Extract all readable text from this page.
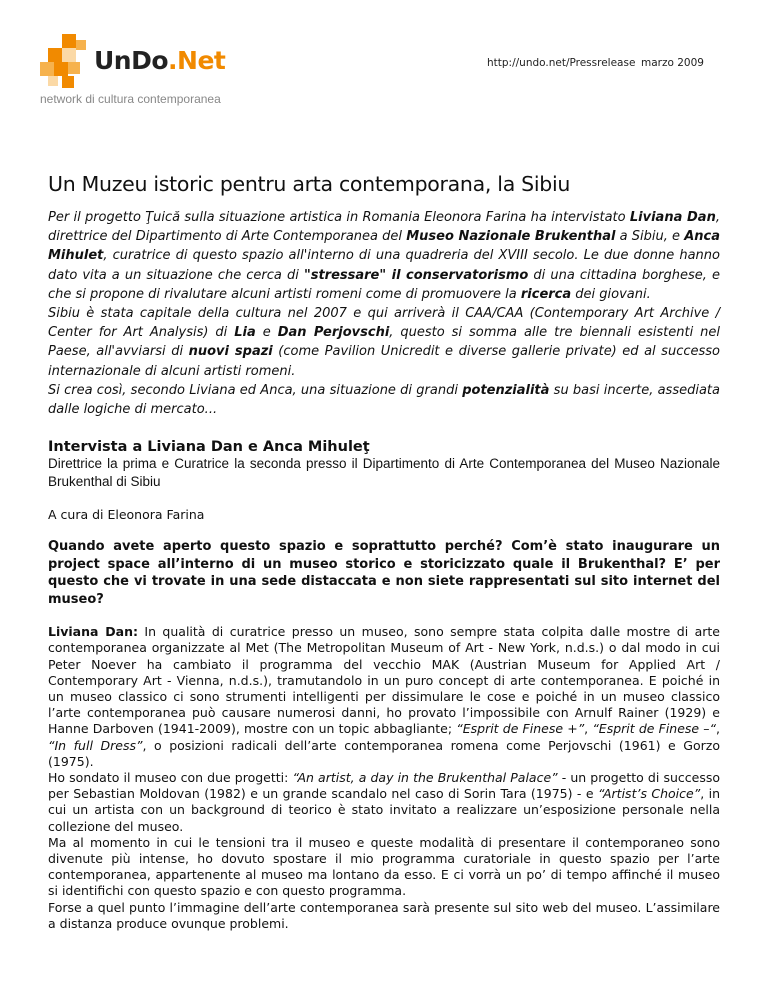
UnDo.Net
network di cultura contemporanea
http://undo.net/Pressrelease marzo 2009
Un Muzeu istoric pentru arta contemporana, la Sibiu

Per il progetto Ţuică sulla situazione artistica in Romania Eleonora Farina ha intervistato Liviana Dan, direttrice del Dipartimento di Arte Contemporanea del Museo Nazionale Brukenthal a Sibiu, e Anca Mihulet, curatrice di questo spazio all'interno di una quadreria del XVIII secolo. Le due donne hanno dato vita a un situazione che cerca di "stressare" il conservatorismo di una cittadina borghese, e che si propone di rivalutare alcuni artisti romeni come di promuovere la ricerca dei giovani.

Sibiu è stata capitale della cultura nel 2007 e qui arriverà il CAA/CAA (Contemporary Art Archive / Center for Art Analysis) di Lia e Dan Perjovschi, questo si somma alle tre biennali esistenti nel Paese, all'avviarsi di nuovi spazi (come Pavilion Unicredit e diverse gallerie private) ed al successo internazionale di alcuni artisti romeni.

Si crea così, secondo Liviana ed Anca, una situazione di grandi potenzialità su basi incerte, assediata dalle logiche di mercato...

Intervista a Liviana Dan e Anca Mihuleţ

Direttrice la prima e Curatrice la seconda presso il Dipartimento di Arte Contemporanea del Museo Nazionale Brukenthal di Sibiu

A cura di Eleonora Farina

Quando avete aperto questo spazio e soprattutto perché? Com’è stato inaugurare un project space all’interno di un museo storico e storicizzato quale il Brukenthal? E’ per questo che vi trovate in una sede distaccata e non siete rappresentati sul sito internet del museo?

Liviana Dan: In qualità di curatrice presso un museo, sono sempre stata colpita dalle mostre di arte contemporanea organizzate al Met (The Metropolitan Museum of Art - New York, n.d.s.) o dal modo in cui Peter Noever ha cambiato il programma del vecchio MAK (Austrian Museum for Applied Art / Contemporary Art - Vienna, n.d.s.), tramutandolo in un puro concept di arte contemporanea. E poiché in un museo classico ci sono strumenti intelligenti per dissimulare le cose e poiché in un museo classico l’arte contemporanea può causare numerosi danni, ho provato l’impossibile con Arnulf Rainer (1929) e Hanne Darboven (1941-2009), mostre con un topic abbagliante; “Esprit de Finese +”, “Esprit de Finese –“, “In full Dress”, o posizioni radicali dell’arte contemporanea romena come Perjovschi (1961) e Gorzo (1975).

Ho sondato il museo con due progetti: “An artist, a day in the Brukenthal Palace” - un progetto di successo per Sebastian Moldovan (1982) e un grande scandalo nel caso di Sorin Tara (1975) - e “Artist’s Choice”, in cui un artista con un background di teorico è stato invitato a realizzare un’esposizione personale nella collezione del museo.

Ma al momento in cui le tensioni tra il museo e queste modalità di presentare il contemporaneo sono divenute più intense, ho dovuto spostare il mio programma curatoriale in questo spazio per l’arte contemporanea, appartenente al museo ma lontano da esso. E ci vorrà un po’ di tempo affinché il museo si identifichi con questo spazio e con questo programma.

Forse a quel punto l’immagine dell’arte contemporanea sarà presente sul sito web del museo. L’assimilare a distanza produce ovunque problemi.
